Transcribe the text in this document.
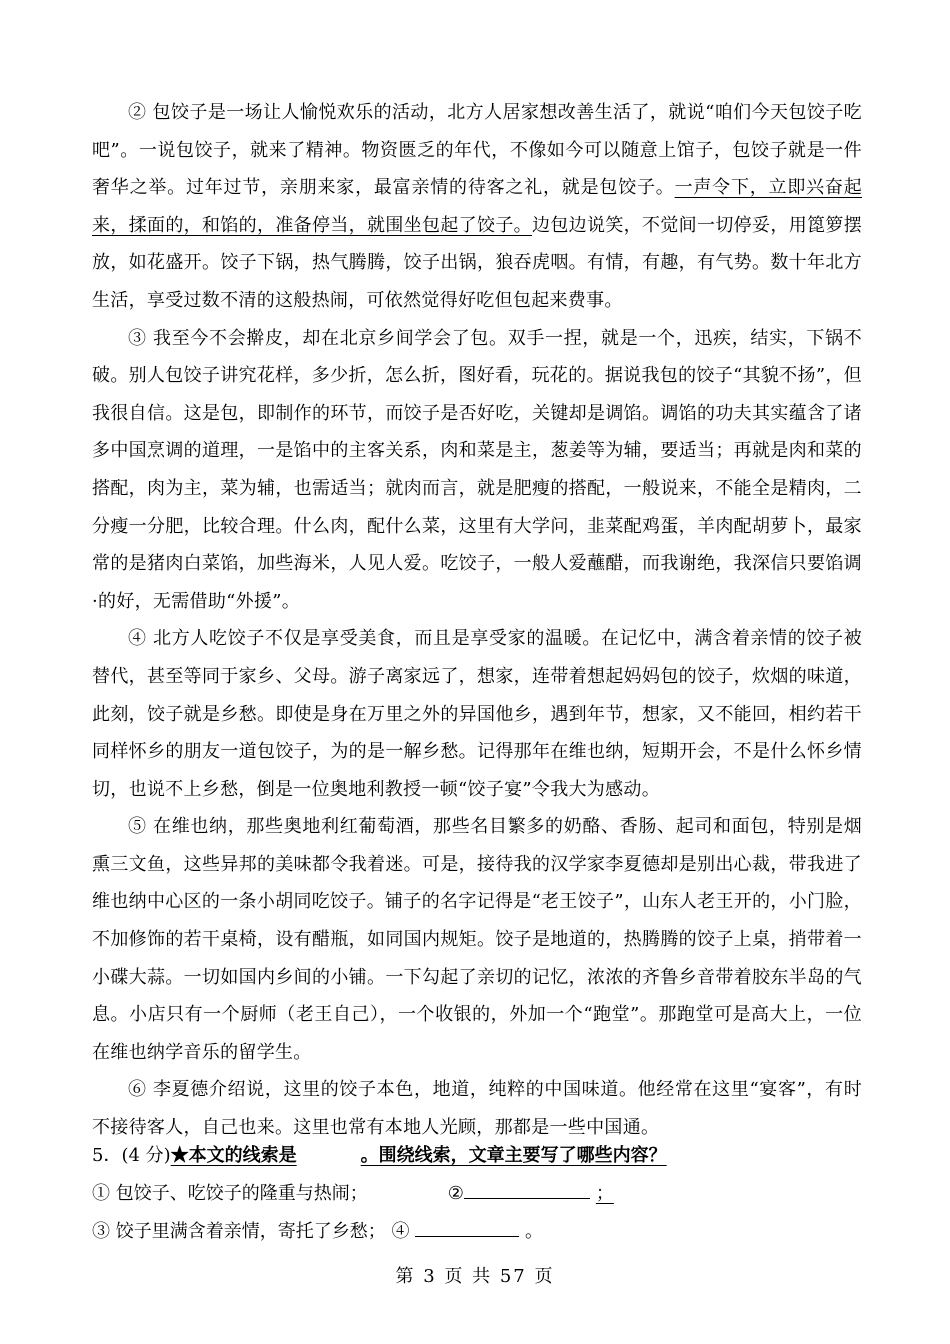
② 包饺子是一场让人愉悦欢乐的活动，北方人居家想改善生活了，就说“咱们今天包饺子吃吧”。一说包饺子，就来了精神。物资匮乏的年代，不像如今可以随意上馆子，包饺子就是一件奢华之举。过年过节，亲朋来家，最富亲情的待客之礼，就是包饺子。一声令下，立即兴奋起来，揉面的，和馅的，准备停当，就围坐包起了饺子。边包边说笑，不觉间一切停妥，用箆箩摆放，如花盛开。饺子下锅，热气腾腾，饺子出锅，狼吞虎咽。有情，有趣，有气势。数十年北方生活，享受过数不清的这般热闹，可依然觉得好吃但包起来费事。

③ 我至今不会擀皮，却在北京乡间学会了包。双手一捏，就是一个，迅疾，结实，下锅不破。别人包饺子讲究花样，多少折，怎么折，图好看，玩花的。据说我包的饺子“其貌不扬”，但我很自信。这是包，即制作的环节，而饺子是否好吃，关键却是调馅。调馅的功夫其实蕴含了诸多中国烹调的道理，一是馅中的主客关系，肉和菜是主，葱姜等为辅，要适当；再就是肉和菜的搭配，肉为主，菜为辅，也需适当；就肉而言，就是肥瘦的搭配，一般说来，不能全是精肉，二分瘦一分肥，比较合理。什么肉，配什么菜，这里有大学问，韭菜配鸡蛋，羊肉配胡萝卜，最家常的是猪肉白菜馅，加些海米，人见人爱。吃饺子，一般人爱蘸醋，而我谢绝，我深信只要馅调·的好，无需借助“外援”。

④ 北方人吃饺子不仅是享受美食，而且是享受家的温暖。在记忆中，满含着亲情的饺子被替代，甚至等同于家乡、父母。游子离家远了，想家，连带着想起妈妈包的饺子，炊烟的味道，此刻，饺子就是乡愁。即使是身在万里之外的异国他乡，遇到年节，想家，又不能回，相约若干同样怀乡的朋友一道包饺子，为的是一解乡愁。记得那年在维也纳，短期开会，不是什么怀乡情切，也说不上乡愁，倒是一位奥地利教授一顿“饺子宴”令我大为感动。

⑤ 在维也纳，那些奥地利红葡萄酒，那些名目繁多的奶酪、香肠、起司和面包，特别是烟熏三文鱼，这些异邦的美味都令我着迷。可是，接待我的汉学家李夏德却是别出心裁，带我进了维也纳中心区的一条小胡同吃饺子。铺子的名字记得是“老王饺子”，山东人老王开的，小门脸，不加修饰的若干桌椅，设有醋瓶，如同国内规矩。饺子是地道的，热腾腾的饺子上桌，捎带着一小碟大蒜。一切如国内乡间的小铺。一下勾起了亲切的记忆，浓浓的齐鲁乡音带着胶东半岛的气息。小店只有一个厨师（老王自己），一个收银的，外加一个“跑堂”。那跑堂可是高大上，一位在维也纳学音乐的留学生。

⑥ 李夏德介绍说，这里的饺子本色，地道，纯粹的中国味道。他经常在这里“宴客”，有时不接待客人，自己也来。这里也常有本地人光顾，那都是一些中国通。

5．(4 分)★本文的线索是	。围绕线索，文章主要写了哪些内容？

① 包饺子、吃饺子的隆重与热闹；	②	；

③ 饺子里满含着亲情，寄托了乡愁； ④	。

第 3 页 共 57 页
